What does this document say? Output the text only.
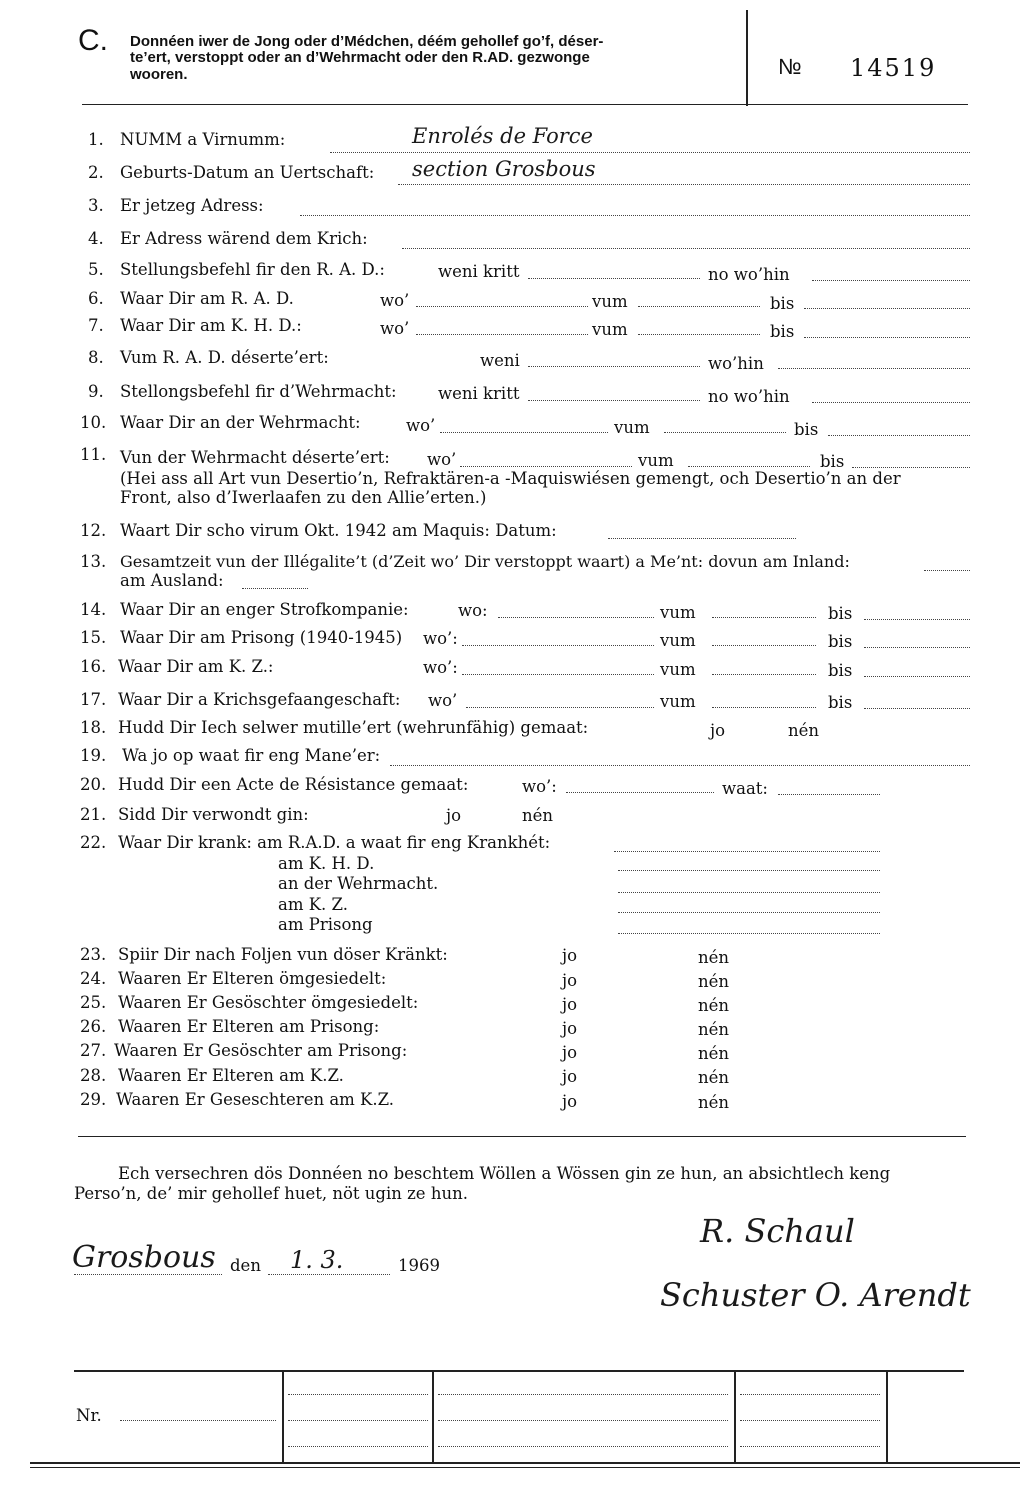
C. Donnéen iwer de Jong oder d’Médchen, déém gehollef go’f, déser-
te’ert, verstoppt oder an d’Wehrmacht oder den R.AD. gezwonge
wooren.	№ 14519
1. NUMM a Virnumm:	Enrolés de Force
2. Geburts-Datum an Uertschaft: section Grosbous
3. Er jetzeg Adress:
4. Er Adress wärend dem Krich:
5. Stellungsbefehl fir den R. A. D.:	weni kritt	no wo’hin
6. Waar Dir am R. A. D.	wo’	vum	bis
7. Waar Dir am K. H. D.:	wo’	vum	bis
8. Vum R. A. D. déserte’ert:	weni	wo’hin
9. Stellongsbefehl fir d’Wehrmacht:	weni kritt	no wo’hin
10. Waar Dir an der Wehrmacht:	wo’	vum	bis
11. Vun der Wehrmacht déserte’ert: wo’	vum	bis
(Hei ass all Art vun Desertio’n, Refraktären-a -Maquiswiésen gemengt, och Desertio’n an der
Front, also d’Iwerlaafen zu den Allie’erten.)
12. Waart Dir scho virum Okt. 1942 am Maquis: Datum:
13. Gesamtzeit vun der Illégalite’t (d’Zeit wo’ Dir verstoppt waart) a Me’nt: dovun am Inland:
am Ausland:
14. Waar Dir an enger Strofkompanie:	wo:	vum	bis
15. Waar Dir am Prisong (1940-1945) wo’:	vum	bis
16. Waar Dir am K. Z.:	wo’:	vum	bis
17. Waar Dir a Krichsgefaangeschaft: wo’	vum	bis
18. Hudd Dir Iech selwer mutille’ert (wehrunfähig) gemaat:	jo	nén
19. Wa jo op waat fir eng Mane’er:
20. Hudd Dir een Acte de Résistance gemaat:	wo’:	waat:
21. Sidd Dir verwondt gin:	jo	nén
22. Waar Dir krank: am R.A.D. a waat fir eng Krankhét:
am K. H. D.
an der Wehrmacht.
am K. Z.
am Prisong
23. Spiir Dir nach Foljen vun döser Kränkt:	jo	nén
24. Waaren Er Elteren ömgesiedelt:	jo	nén
25. Waaren Er Gesöschter ömgesiedelt:	jo	nén
26. Waaren Er Elteren am Prisong:	jo	nén
27. Waaren Er Gesöschter am Prisong:	jo	nén
28. Waaren Er Elteren am K.Z.	jo	nén
29. Waaren Er Geseschteren am K.Z.	jo	nén
Ech versechren dös Donnéen no beschtem Wöllen a Wössen gin ze hun, an absichtlech keng
Perso’n, de’ mir gehollef huet, nöt ugin ze hun.
Grosbous den 1. 3.	1969
R. Schaul
Schuster O. Arendt
Nr.
